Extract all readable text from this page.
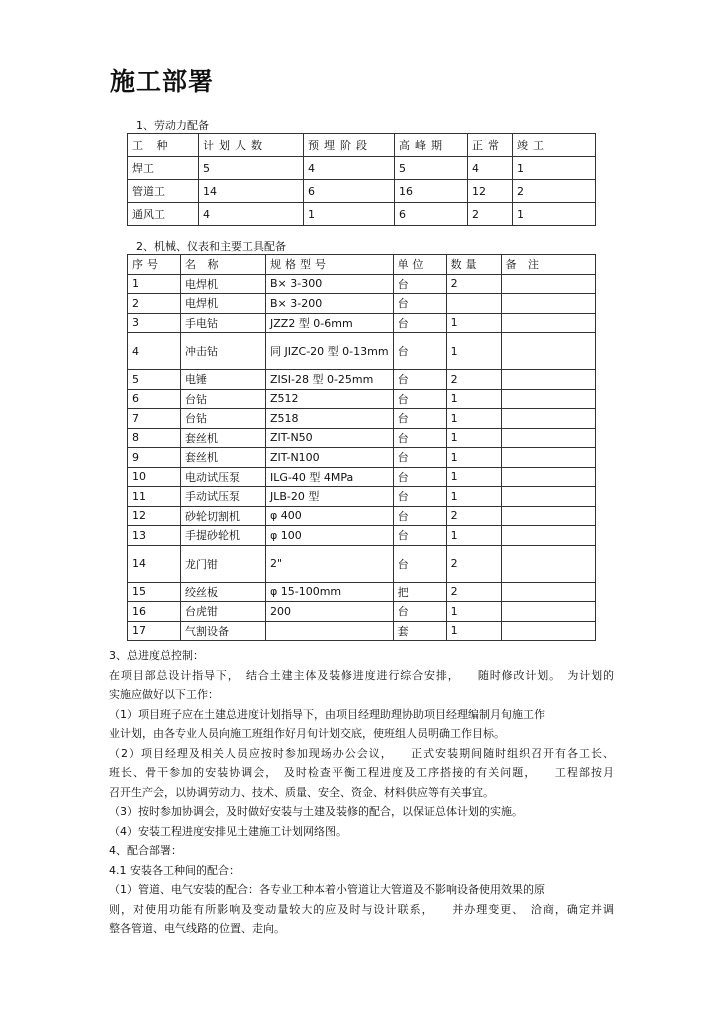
施工部署
1、劳动力配备
工 种	计划人数	预埋阶段	高峰期	正常	竣工
焊工	5	4	5	4	1
管道工	14	6	16	12	2
通风工	4	1	6	2	1
2、机械、仪表和主要工具配备
序号	名 称	规格型号	单位	数量	备 注
1	电焊机	B× 3-300	台	2	
2	电焊机	B× 3-200	台		
3	手电钻	JZZ2 型 0-6mm	台	1	
4	冲击钻	同 JIZC-20 型 0-13mm	台	1	
5	电锤	ZISI-28 型 0-25mm	台	2	
6	台钻	Z512	台	1	
7	台钻	Z518	台	1	
8	套丝机	ZIT-N50	台	1	
9	套丝机	ZIT-N100	台	1	
10	电动试压泵	ILG-40 型 4MPa	台	1	
11	手动试压泵	JLB-20 型	台	1	
12	砂轮切割机	φ 400	台	2	
13	手提砂轮机	φ 100	台	1	
14	龙门钳	2"	台	2	
15	绞丝板	φ 15-100mm	把	2	
16	台虎钳	200	台	1	
17	气割设备		套	1	

3、总进度总控制：

在项目部总设计指导下，　结合土建主体及装修进度进行综合安排，　　随时修改计划。　为计划的

实施应做好以下工作：

（1）项目班子应在土建总进度计划指导下，由项目经理助理协助项目经理编制月旬施工作

业计划，由各专业人员向施工班组作好月旬计划交底，使班组人员明确工作目标。

（2）项目经理及相关人员应按时参加现场办公会议，　　正式安装期间随时组织召开有各工长、

班长、骨干参加的安装协调会，　及时检查平衡工程进度及工序搭接的有关问题，　　工程部按月

召开生产会，以协调劳动力、技术、质量、安全、资金、材料供应等有关事宜。

（3）按时参加协调会，及时做好安装与土建及装修的配合，以保证总体计划的实施。

（4）安装工程进度安排见土建施工计划网络图。

4、配合部署：

4.1 安装各工种间的配合：

（1）管道、电气安装的配合：各专业工种本着小管道让大管道及不影响设备使用效果的原

则，对使用功能有所影响及变动量较大的应及时与设计联系，　　并办理变更、　洽商，确定并调

整各管道、电气线路的位置、走向。
